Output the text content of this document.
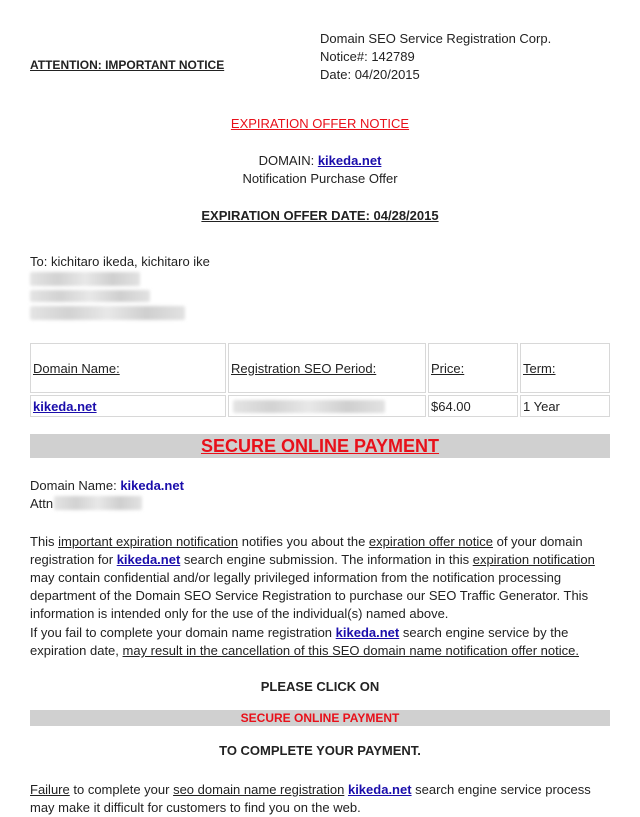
ATTENTION: IMPORTANT NOTICE
Domain SEO Service Registration Corp.
Notice#: 142789
Date: 04/20/2015
EXPIRATION OFFER NOTICE
DOMAIN: kikeda.net
Notification Purchase Offer
EXPIRATION OFFER DATE: 04/28/2015
To: kichitaro ikeda, kichitaro ike
Domain Name:	Registration SEO Period:	Price:	Term:
kikeda.net		$64.00	1 Year
SECURE ONLINE PAYMENT
Domain Name: kikeda.net
Attn
This important expiration notification notifies you about the expiration offer notice of your domain registration for kikeda.net search engine submission. The information in this expiration notification may contain confidential and/or legally privileged information from the notification processing department of the Domain SEO Service Registration to purchase our SEO Traffic Generator. This information is intended only for the use of the individual(s) named above.
If you fail to complete your domain name registration kikeda.net search engine service by the expiration date, may result in the cancellation of this SEO domain name notification offer notice.
PLEASE CLICK ON
SECURE ONLINE PAYMENT
TO COMPLETE YOUR PAYMENT.
Failure to complete your seo domain name registration kikeda.net search engine service process may make it difficult for customers to find you on the web.
